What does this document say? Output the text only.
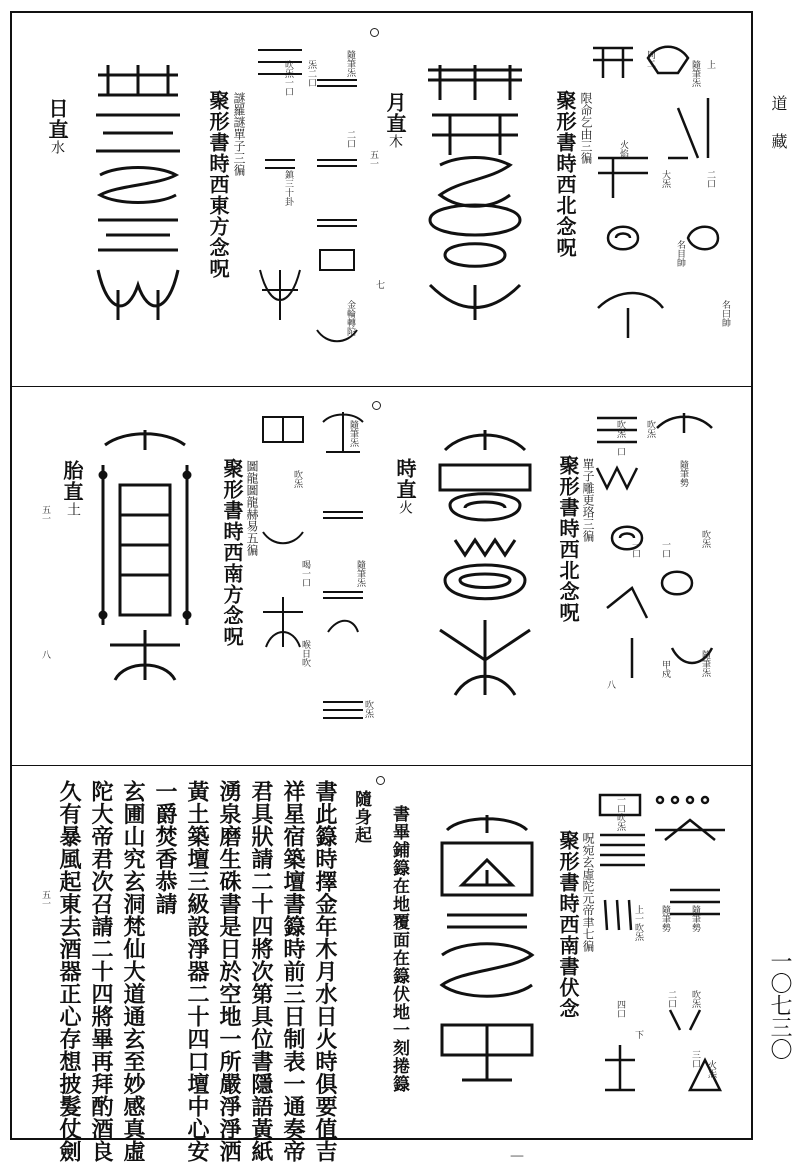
道藏
一〇七三〇
—
日直
水	聚形書時西東方念呪 謎羅謎單子三徧
吹炁一口
鎮三十卦
炁二口	隨筆炁
二口
金輪轉陀
月直
木
五一
七
聚形書時西北念呪 限命乞由三徧
同二
大炁
名目帥
隨筆炁 上
二口
名曰帥
火焰
胎直
土
五一
八
聚形書時西南方念呪 圖龍圖龍赫易五徧	吹炁
喝一口
喉日吹
隨筆炁
隨筆炁
吹炁
時直
火	聚形書時西北念呪 單子雕更珞三徧
吹炁一口
一口
吹炁
一口
甲戍
隨筆勢
吹炁
隨筆炁
八
五一 久有暴風起東去酒器正心存想披髮仗劍 陀大帝君次召請二十四將畢再拜酌酒良 玄圃山究玄洞梵仙大道通玄至妙感真虛 一爵焚香恭請 黃土築壇三級設淨器二十四口壇中心安 湧泉磨生硃書是日於空地一所嚴淨淨洒 君具狀請二十四將次第具位書隱語黃紙 祥星宿築壇書籙時前三日制表一通奏帝 書此籙時擇金年木月水日火時俱要值吉 隨身起 書畢鋪籙在地覆面在籙伏地一刻捲籙	聚形書時西南書伏念 呪宛玄虛陀元帝聿七徧
一口吹炁
四口
上一吹炁
下
隨筆勢
二口
隨筆勢
吹炁
火炁
三口
